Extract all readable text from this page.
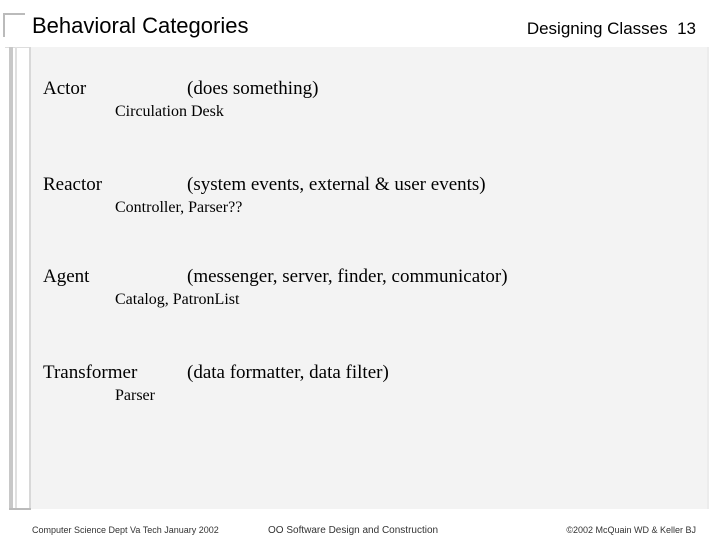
Behavioral Categories	Designing Classes 13
Actor	(does something)
Circulation Desk
Reactor	(system events, external & user events)
Controller, Parser??
Agent	(messenger, server, finder, communicator)
Catalog, PatronList
Transformer	(data formatter, data filter)
Parser
Computer Science Dept Va Tech January 2002	OO Software Design and Construction	©2002 McQuain WD & Keller BJ
